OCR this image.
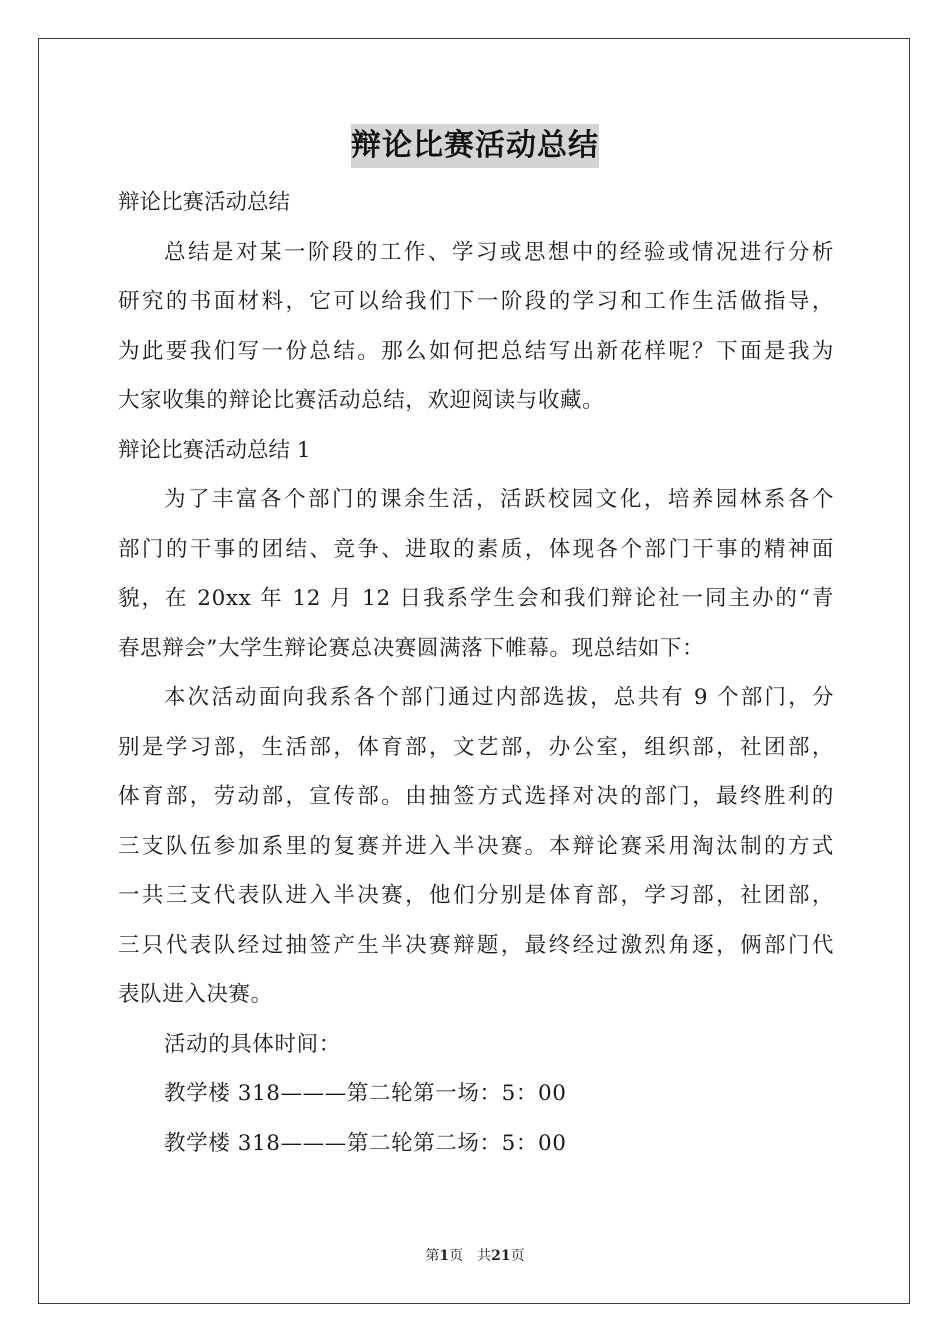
辩论比赛活动总结
辩论比赛活动总结
总结是对某一阶段的工作、学习或思想中的经验或情况进行分析
研究的书面材料，它可以给我们下一阶段的学习和工作生活做指导，
为此要我们写一份总结。那么如何把总结写出新花样呢？下面是我为
大家收集的辩论比赛活动总结，欢迎阅读与收藏。
辩论比赛活动总结 1
为了丰富各个部门的课余生活，活跃校园文化，培养园林系各个
部门的干事的团结、竞争、进取的素质，体现各个部门干事的精神面
貌，在 20xx 年 12 月 12 日我系学生会和我们辩论社一同主办的“青
春思辩会”大学生辩论赛总决赛圆满落下帷幕。现总结如下：
本次活动面向我系各个部门通过内部选拔，总共有 9 个部门，分
别是学习部，生活部，体育部，文艺部，办公室，组织部，社团部，
体育部，劳动部，宣传部。由抽签方式选择对决的部门，最终胜利的
三支队伍参加系里的复赛并进入半决赛。本辩论赛采用淘汰制的方式
一共三支代表队进入半决赛，他们分别是体育部，学习部，社团部，
三只代表队经过抽签产生半决赛辩题，最终经过激烈角逐，俩部门代
表队进入决赛。
活动的具体时间：
教学楼 318———第二轮第一场：5：00
教学楼 318———第二轮第二场：5：00
第1页　共21页
